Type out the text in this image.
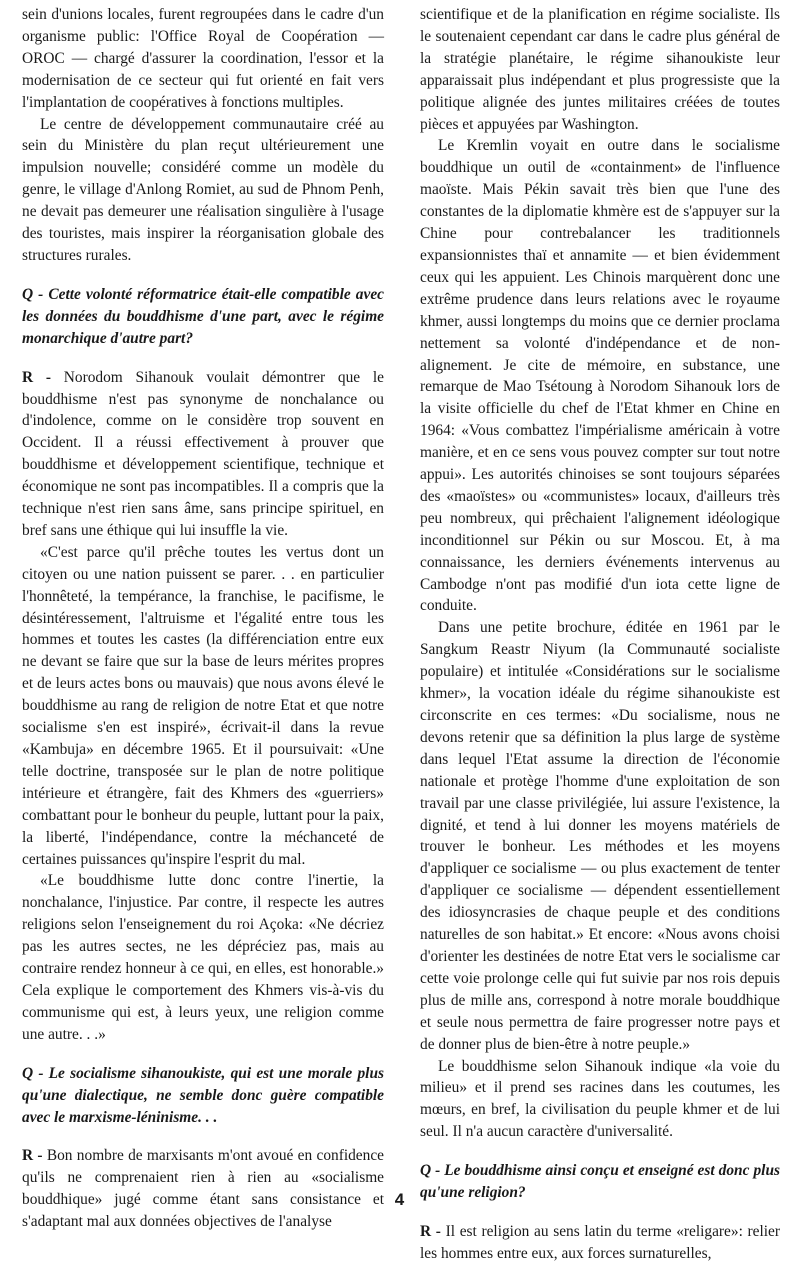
sein d'unions locales, furent regroupées dans le cadre d'un organisme public: l'Office Royal de Coopération — OROC — chargé d'assurer la coordination, l'essor et la modernisation de ce secteur qui fut orienté en fait vers l'implantation de coopératives à fonctions multiples.

Le centre de développement communautaire créé au sein du Ministère du plan reçut ultérieurement une impulsion nouvelle; considéré comme un modèle du genre, le village d'Anlong Romiet, au sud de Phnom Penh, ne devait pas demeurer une réalisation singulière à l'usage des touristes, mais inspirer la réorganisation globale des structures rurales.

Q - Cette volonté réformatrice était-elle compatible avec les données du bouddhisme d'une part, avec le régime monarchique d'autre part?

R - Norodom Sihanouk voulait démontrer que le bouddhisme n'est pas synonyme de nonchalance ou d'indolence, comme on le considère trop souvent en Occident. Il a réussi effectivement à prouver que bouddhisme et développement scientifique, technique et économique ne sont pas incompatibles. Il a compris que la technique n'est rien sans âme, sans principe spirituel, en bref sans une éthique qui lui insuffle la vie.

«C'est parce qu'il prêche toutes les vertus dont un citoyen ou une nation puissent se parer. . . en particulier l'honnêteté, la tempérance, la franchise, le pacifisme, le désintéressement, l'altruisme et l'égalité entre tous les hommes et toutes les castes (la différenciation entre eux ne devant se faire que sur la base de leurs mérites propres et de leurs actes bons ou mauvais) que nous avons élevé le bouddhisme au rang de religion de notre Etat et que notre socialisme s'en est inspiré», écrivait-il dans la revue «Kambuja» en décembre 1965. Et il poursuivait: «Une telle doctrine, transposée sur le plan de notre politique intérieure et étrangère, fait des Khmers des «guerriers» combattant pour le bonheur du peuple, luttant pour la paix, la liberté, l'indépendance, contre la méchanceté de certaines puissances qu'inspire l'esprit du mal.

«Le bouddhisme lutte donc contre l'inertie, la nonchalance, l'injustice. Par contre, il respecte les autres religions selon l'enseignement du roi Açoka: «Ne décriez pas les autres sectes, ne les dépréciez pas, mais au contraire rendez honneur à ce qui, en elles, est honorable.» Cela explique le comportement des Khmers vis-à-vis du communisme qui est, à leurs yeux, une religion comme une autre. . .»

Q - Le socialisme sihanoukiste, qui est une morale plus qu'une dialectique, ne semble donc guère compatible avec le marxisme-léninisme. . .

R - Bon nombre de marxisants m'ont avoué en confidence qu'ils ne comprenaient rien à rien au «socialisme bouddhique» jugé comme étant sans consistance et s'adaptant mal aux données objectives de l'analyse

scientifique et de la planification en régime socialiste. Ils le soutenaient cependant car dans le cadre plus général de la stratégie planétaire, le régime sihanoukiste leur apparaissait plus indépendant et plus progressiste que la politique alignée des juntes militaires créées de toutes pièces et appuyées par Washington.

Le Kremlin voyait en outre dans le socialisme bouddhique un outil de «containment» de l'influence maoïste. Mais Pékin savait très bien que l'une des constantes de la diplomatie khmère est de s'appuyer sur la Chine pour contrebalancer les traditionnels expansionnistes thaï et annamite — et bien évidemment ceux qui les appuient. Les Chinois marquèrent donc une extrême prudence dans leurs relations avec le royaume khmer, aussi longtemps du moins que ce dernier proclama nettement sa volonté d'indépendance et de non-alignement. Je cite de mémoire, en substance, une remarque de Mao Tsétoung à Norodom Sihanouk lors de la visite officielle du chef de l'Etat khmer en Chine en 1964: «Vous combattez l'impérialisme américain à votre manière, et en ce sens vous pouvez compter sur tout notre appui». Les autorités chinoises se sont toujours séparées des «maoïstes» ou «communistes» locaux, d'ailleurs très peu nombreux, qui prêchaient l'alignement idéologique inconditionnel sur Pékin ou sur Moscou. Et, à ma connaissance, les derniers événements intervenus au Cambodge n'ont pas modifié d'un iota cette ligne de conduite.

Dans une petite brochure, éditée en 1961 par le Sangkum Reastr Niyum (la Communauté socialiste populaire) et intitulée «Considérations sur le socialisme khmer», la vocation idéale du régime sihanoukiste est circonscrite en ces termes: «Du socialisme, nous ne devons retenir que sa définition la plus large de système dans lequel l'Etat assume la direction de l'économie nationale et protège l'homme d'une exploitation de son travail par une classe privilégiée, lui assure l'existence, la dignité, et tend à lui donner les moyens matériels de trouver le bonheur. Les méthodes et les moyens d'appliquer ce socialisme — ou plus exactement de tenter d'appliquer ce socialisme — dépendent essentiellement des idiosyncrasies de chaque peuple et des conditions naturelles de son habitat.» Et encore: «Nous avons choisi d'orienter les destinées de notre Etat vers le socialisme car cette voie prolonge celle qui fut suivie par nos rois depuis plus de mille ans, correspond à notre morale bouddhique et seule nous permettra de faire progresser notre pays et de donner plus de bien-être à notre peuple.»

Le bouddhisme selon Sihanouk indique «la voie du milieu» et il prend ses racines dans les coutumes, les mœurs, en bref, la civilisation du peuple khmer et de lui seul. Il n'a aucun caractère d'universalité.

Q - Le bouddhisme ainsi conçu et enseigné est donc plus qu'une religion?

R - Il est religion au sens latin du terme «religare»: relier les hommes entre eux, aux forces surnaturelles,

4
